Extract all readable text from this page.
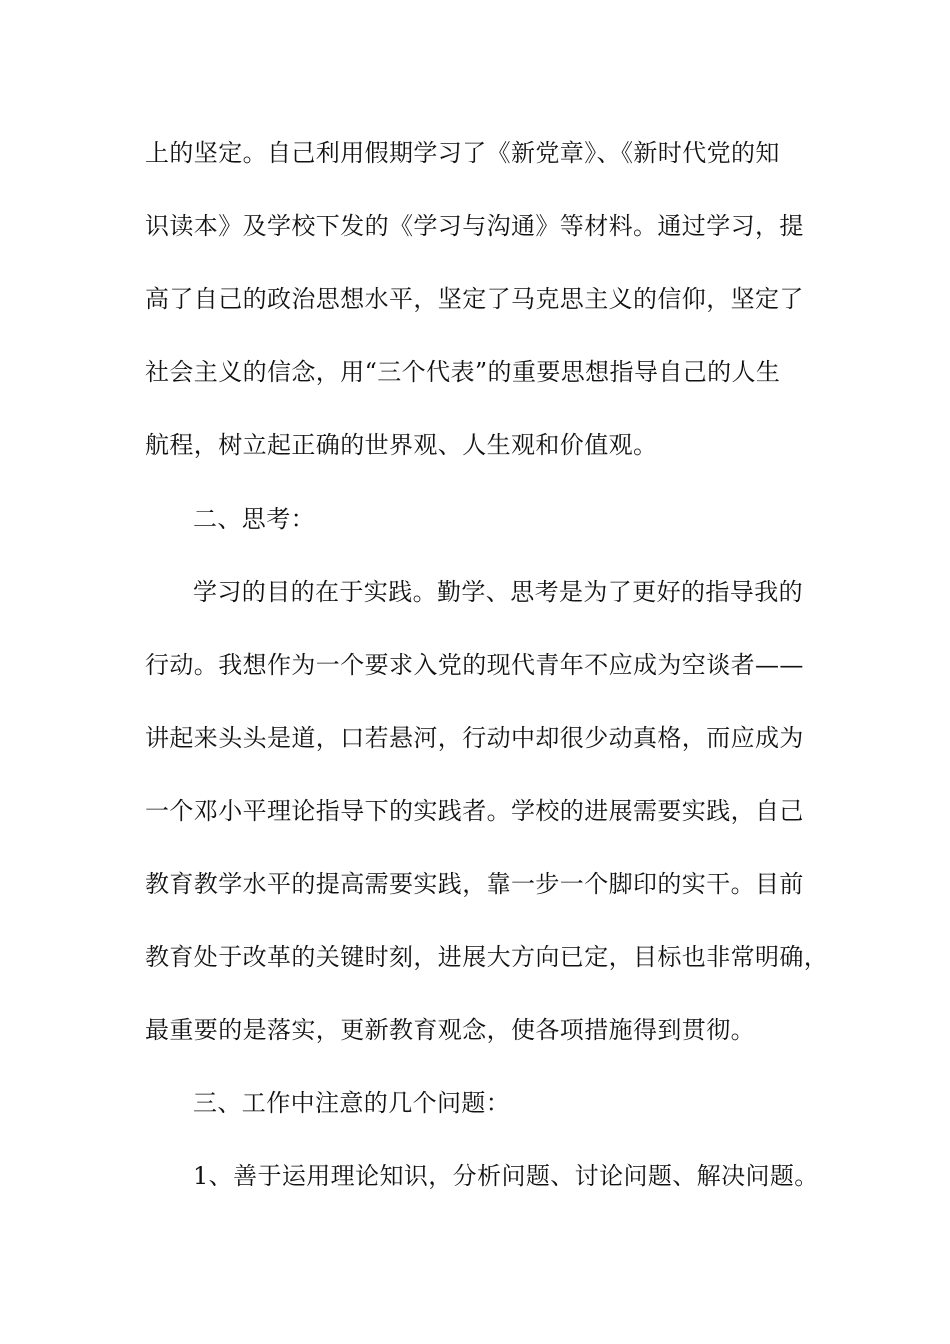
上的坚定。自己利用假期学习了《新党章》、《新时代党的知
识读本》及学校下发的《学习与沟通》等材料。通过学习，提
高了自己的政治思想水平，坚定了马克思主义的信仰，坚定了
社会主义的信念，用“三个代表”的重要思想指导自己的人生
航程，树立起正确的世界观、人生观和价值观。
二、思考：
学习的目的在于实践。勤学、思考是为了更好的指导我的
行动。我想作为一个要求入党的现代青年不应成为空谈者——
讲起来头头是道，口若悬河，行动中却很少动真格，而应成为
一个邓小平理论指导下的实践者。学校的进展需要实践，自己
教育教学水平的提高需要实践，靠一步一个脚印的实干。目前
教育处于改革的关键时刻，进展大方向已定，目标也非常明确，
最重要的是落实，更新教育观念，使各项措施得到贯彻。
三、工作中注意的几个问题：
1、善于运用理论知识，分析问题、讨论问题、解决问题。
